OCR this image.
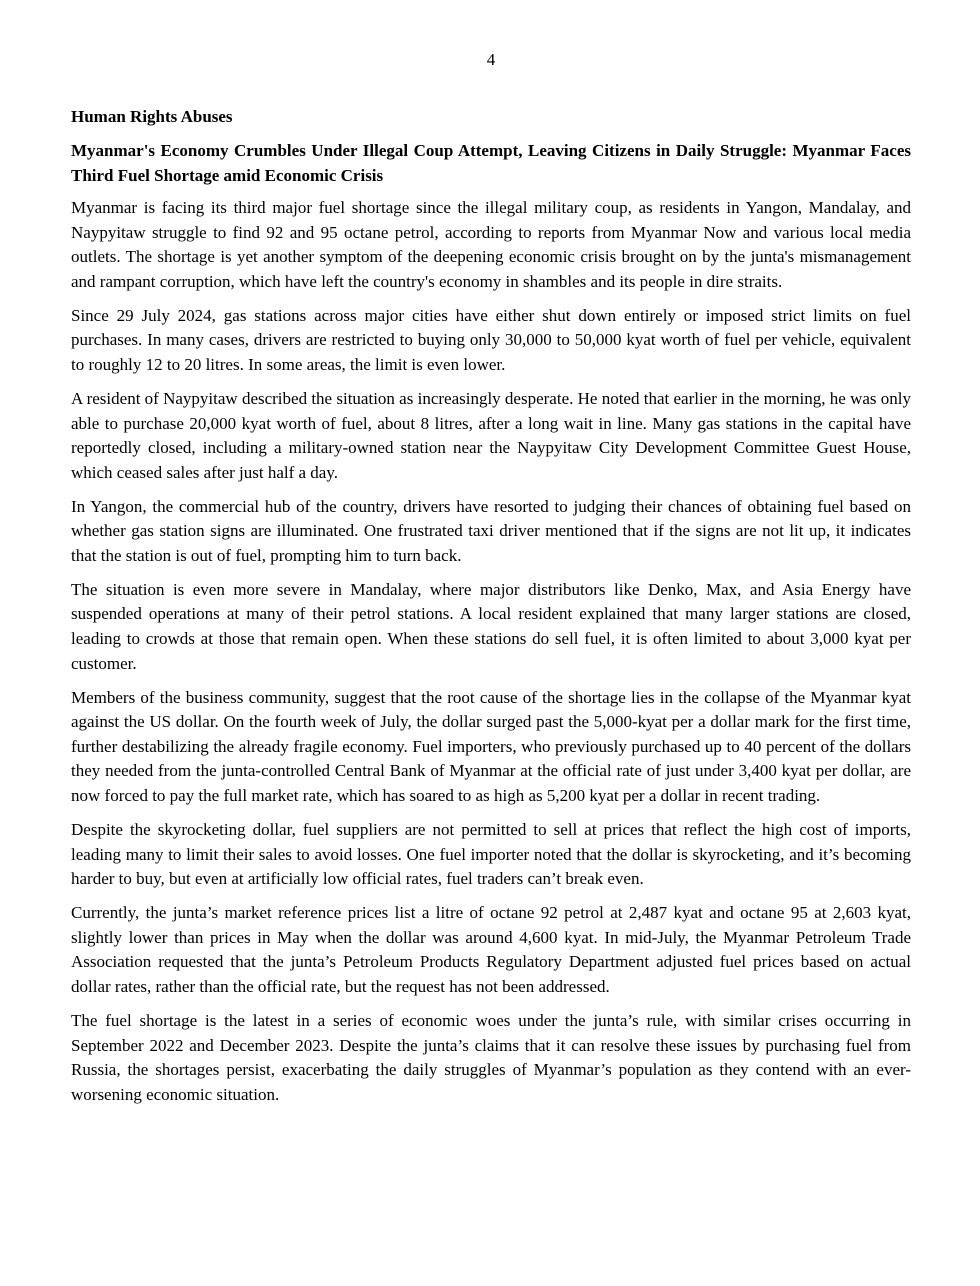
4
Human Rights Abuses
Myanmar's Economy Crumbles Under Illegal Coup Attempt, Leaving Citizens in Daily Struggle: Myanmar Faces Third Fuel Shortage amid Economic Crisis

Myanmar is facing its third major fuel shortage since the illegal military coup, as residents in Yangon, Mandalay, and Naypyitaw struggle to find 92 and 95 octane petrol, according to reports from Myanmar Now and various local media outlets. The shortage is yet another symptom of the deepening economic crisis brought on by the junta's mismanagement and rampant corruption, which have left the country's economy in shambles and its people in dire straits.

Since 29 July 2024, gas stations across major cities have either shut down entirely or imposed strict limits on fuel purchases. In many cases, drivers are restricted to buying only 30,000 to 50,000 kyat worth of fuel per vehicle, equivalent to roughly 12 to 20 litres. In some areas, the limit is even lower.

A resident of Naypyitaw described the situation as increasingly desperate. He noted that earlier in the morning, he was only able to purchase 20,000 kyat worth of fuel, about 8 litres, after a long wait in line. Many gas stations in the capital have reportedly closed, including a military-owned station near the Naypyitaw City Development Committee Guest House, which ceased sales after just half a day.

In Yangon, the commercial hub of the country, drivers have resorted to judging their chances of obtaining fuel based on whether gas station signs are illuminated. One frustrated taxi driver mentioned that if the signs are not lit up, it indicates that the station is out of fuel, prompting him to turn back.

The situation is even more severe in Mandalay, where major distributors like Denko, Max, and Asia Energy have suspended operations at many of their petrol stations. A local resident explained that many larger stations are closed, leading to crowds at those that remain open. When these stations do sell fuel, it is often limited to about 3,000 kyat per customer.

Members of the business community, suggest that the root cause of the shortage lies in the collapse of the Myanmar kyat against the US dollar. On the fourth week of July, the dollar surged past the 5,000-kyat per a dollar mark for the first time, further destabilizing the already fragile economy. Fuel importers, who previously purchased up to 40 percent of the dollars they needed from the junta-controlled Central Bank of Myanmar at the official rate of just under 3,400 kyat per dollar, are now forced to pay the full market rate, which has soared to as high as 5,200 kyat per a dollar in recent trading.

Despite the skyrocketing dollar, fuel suppliers are not permitted to sell at prices that reflect the high cost of imports, leading many to limit their sales to avoid losses. One fuel importer noted that the dollar is skyrocketing, and it’s becoming harder to buy, but even at artificially low official rates, fuel traders can’t break even.

Currently, the junta’s market reference prices list a litre of octane 92 petrol at 2,487 kyat and octane 95 at 2,603 kyat, slightly lower than prices in May when the dollar was around 4,600 kyat. In mid-July, the Myanmar Petroleum Trade Association requested that the junta’s Petroleum Products Regulatory Department adjusted fuel prices based on actual dollar rates, rather than the official rate, but the request has not been addressed.

The fuel shortage is the latest in a series of economic woes under the junta’s rule, with similar crises occurring in September 2022 and December 2023. Despite the junta’s claims that it can resolve these issues by purchasing fuel from Russia, the shortages persist, exacerbating the daily struggles of Myanmar’s population as they contend with an ever-worsening economic situation.
